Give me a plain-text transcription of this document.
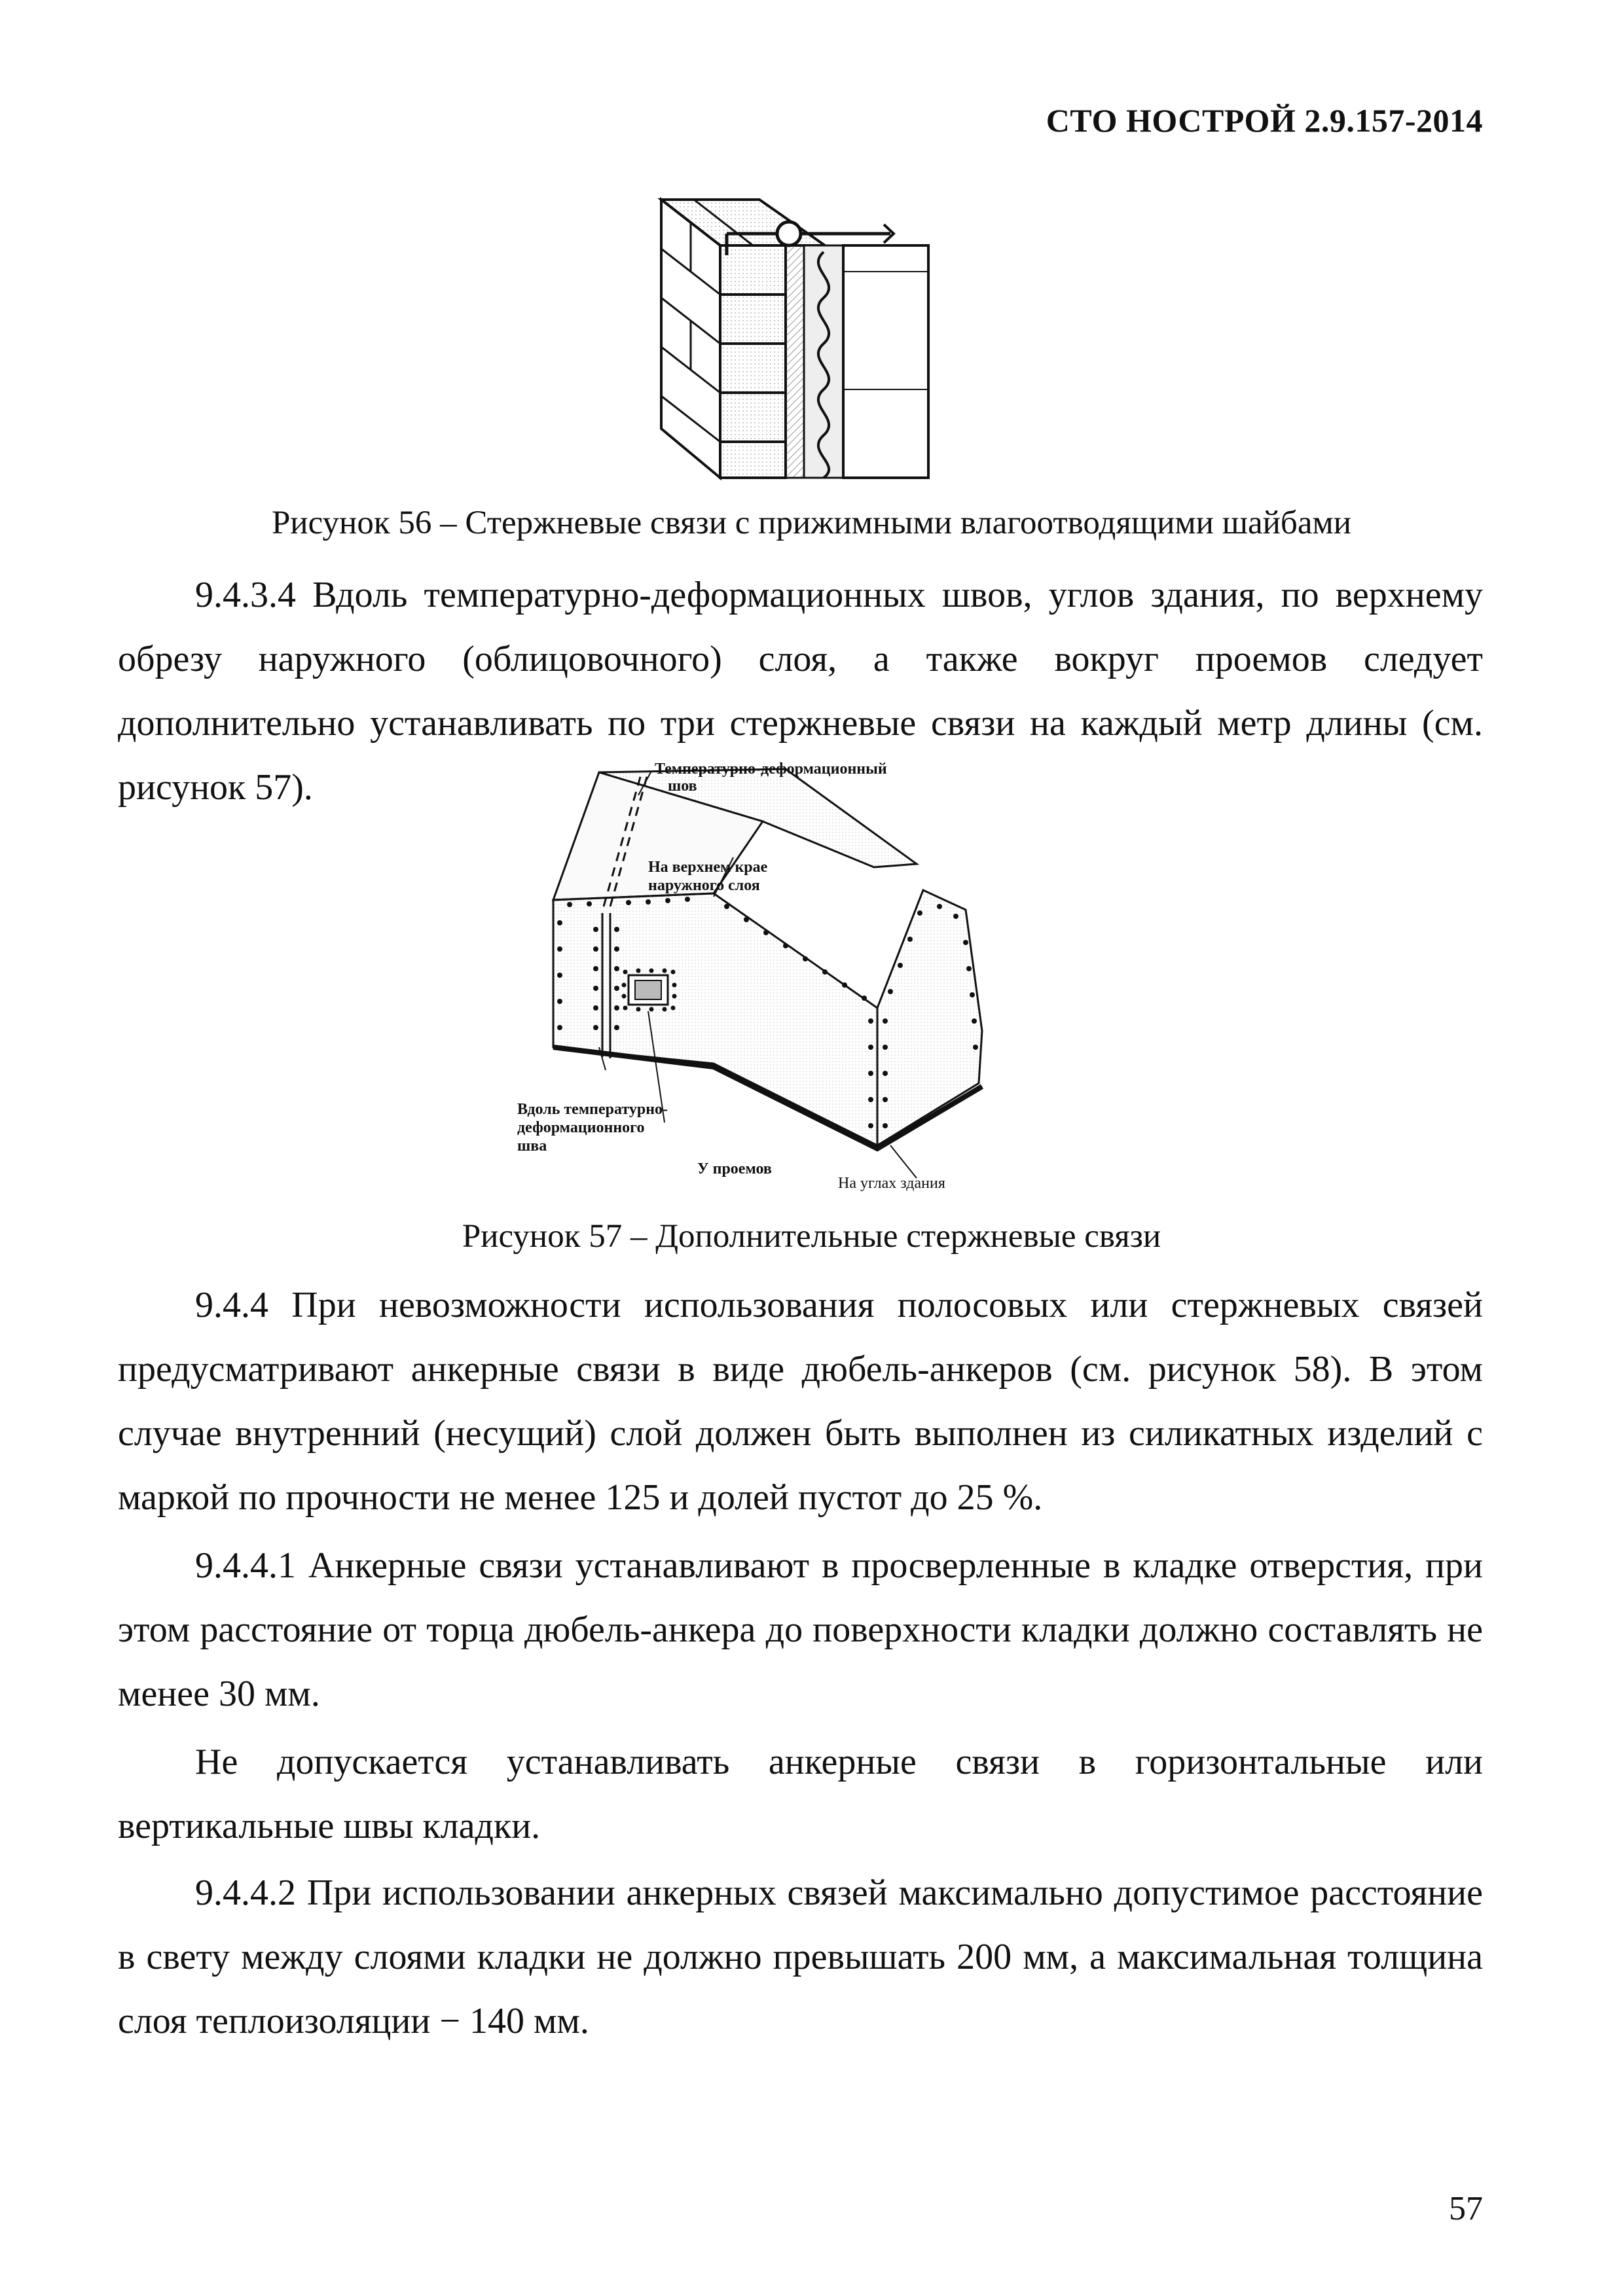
СТО НОСТРОЙ 2.9.157-2014
Рисунок 56 – Стержневые связи с прижимными влагоотводящими шайбами

9.4.3.4 Вдоль температурно-деформационных швов, углов здания, по верхнему обрезу наружного (облицовочного) слоя, а также вокруг проемов следует дополнительно устанавливать по три стержневые связи на каждый метр длины (см. рисунок 57).	Температурно-деформационный
шов
На верхнем крае
наружного слоя
Вдоль температурно-
деформационного
шва
У проемов
На углах здания
Рисунок 57 – Дополнительные стержневые связи

9.4.4 При невозможности использования полосовых или стержневых связей предусматривают анкерные связи в виде дюбель-анкеров (см. рисунок 58). В этом случае внутренний (несущий) слой должен быть выполнен из силикатных изделий с маркой по прочности не менее 125 и долей пустот до 25 %.

9.4.4.1 Анкерные связи устанавливают в просверленные в кладке отверстия, при этом расстояние от торца дюбель-анкера до поверхности кладки должно составлять не менее 30 мм.

Не допускается устанавливать анкерные связи в горизонтальные или вертикальные швы кладки.

9.4.4.2 При использовании анкерных связей максимально допустимое расстояние в свету между слоями кладки не должно превышать 200 мм, а максимальная толщина слоя теплоизоляции − 140 мм.

57
